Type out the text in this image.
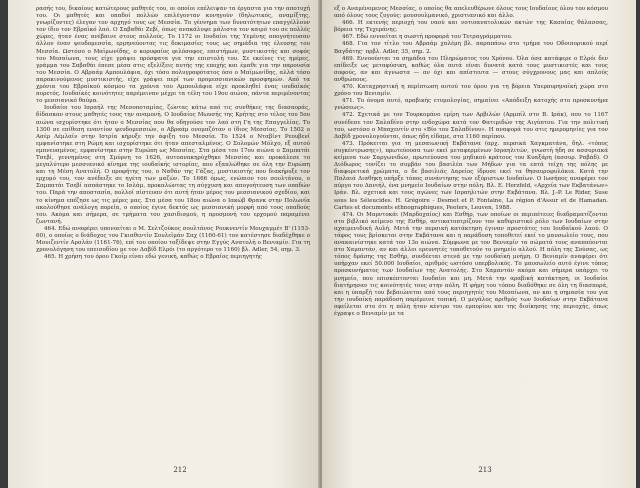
ρασής του, δικαίους κατώτερους μαθητές του, οι οποίοι επέλειψαν τα έργαστα για την αποτυχή του. Οι μαθητές και οπαδοί πολλών επιλέγονταν κυνηγούν (δηλωτικός, αναμίξτης, γνωρίζοντες) έλεγαν τον αρχηγό τους ως Μεσσία. Το γέννημα των δυνατότητων επαγγέλλουν τον ίδιο τον Εβραϊκό λαό. Ο Σαβαθάι Ζεβί, όπως ανακάλυψε μάλιστα τον καιρό του σε πολλές χώρες, ήταν ένας ανέβαινε στους πολλούς. Το 1172 οι Ιουδαίοι της Υεμένης απογοήτευσαν άλλον έναν ψευδομεσσία, ερμηνεύοντας τις δοκιμασίες τους ως σημάδια της έλευσης του Μεσσία. Ωστόσο ο Μαϊμωνίδης, ο κορυφαίος φιλόσοφος, επιστήμων, μυστικιστής και σοφός του Μεσαίωνα, τους είχε γράψει πρόσφατα για την επιστολή του. Σε εκείνες τις ημέρες, γράμμα του Σαβαθάι έπεσε μέσα στις εξελίξεις αυτής της εποχής και έμαθε για την παρουσία του Μεσσία. Ο Αβραάμ Αμπουλάφια, όχι τόσο πολυγραφότατος όσο ο Μαϊμωνίδης, αλλά τόσο παρακινούμενος μυστικιστής, είχε γράψει περί των προμεσσιανικών προσφημών. Από τα χρόνια του Εβραϊκού κόσμου τα χρόνια του Αμπουλάφια είχε προκληθεί ένας ιουδαϊκός πυρετός. Ιουδαϊκές κοινότητες παρέμειναν μέχρι τα τέλη του 19ου αιώνα, πάντα περιμένοντας το μεσσιανικό θαύμα.

Ιουδαίοι του Ισραήλ της Μεσοποταμίας, ζώντας κάτω από τις συνθήκες της διασποράς, δίδασκαν στους μαθητές τους την αναμονή. Ο Ιουδαίος Μωυσής της Κρήτης στο τέλος του 5ου αιώνα ισχυρίστηκε ότι ήταν ο Μεσσίας που θα οδηγούσε τον λαό στη Γη της Επαγγελίας. Το 1300 σε επίθεση εναντίον ψευδομεσσιών, ο Αβραάμ ονομαζόταν ο ίδιος Μεσσίας. Το 1502 ο Ασέρ Λέμλαϊν στην Ιστρία κήρυξε την άφιξη του Μεσσία. Το 1524 ο Νταβίντ Ρεουβενί εμφανίστηκε στη Ρώμη και ισχυρίστηκε ότι ήταν απεσταλμένος. Ο Σολομών Μόλχο, εξ αυτού εμπνευσμένος, εμφανίστηκε στην Ευρώπη ως Μεσσίας. Στα μέσα του 17ου αιώνα ο Σαμπατάι Τσεβί, γεννημένος στη Σμύρνη το 1626, αυτοανακηρύχθηκε Μεσσίας και προκάλεσε το μεγαλύτερο μεσσιανικό κίνημα της ιουδαϊκής ιστορίας, που εξαπλώθηκε σε όλη την Ευρώπη και τη Μέση Ανατολή. Ο προφήτης του, ο Ναθάν της Γάζας, μυστικιστής που διακήρυξε τον ερχομό του, τον ανέδειξε σε ηγέτη των μαζών. Το 1666 όμως, ενώπιον του σουλτάνου, ο Σαμπατάι Τσεβί ασπάστηκε το Ισλάμ, προκαλώντας τη σύγχυση και απογοήτευση των οπαδών του. Παρά την αποστασία, πολλοί πίστευαν ότι αυτή ήταν μέρος του μεσσιανικού σχεδίου, και το κίνημα επέζησε ως τις μέρες μας. Στα μέσα του 18ου αιώνα ο Ιακώβ Φρανκ στην Πολωνία ακολούθησε ανάλογη πορεία, ο οποίος έγινε δεκτός ως μεσσιανική μορφή από τους οπαδούς του. Ακόμα και σήμερα, σε τμήματα του χασιδισμού, η προσμονή του ερχομού παραμένει ζωντανή.

464. Εδώ αναφέρει υπονοείται ο Μ. Σελτζούκος σουλτάνος Ρουκνεντίν Μουχαμμέτ Β' (1153-60), ο οποίος ο διάδοχος του Γκιαθεντίν Σουλεϊμάν Σαχ (1160-61) τον κατέστησε διαδέχθηκε ο Μουιζεντίν Αρσλάν (1161-76), επί του οποίου ταξίδεψε στην Εγγύς Ανατολή ο Βενιαμίν. Για τη χρονολόγηση του επεισοδίου με τον Δαβίδ Ελρόι (το αργότερο το 1160) βλ. Adler, 54, σημ. 3.

465. Η χρήση του όρου Γκοΐμ είναι εδώ γενική, καθώς ο Εβραίος περιηγητής

212

εξ ο Αναμένομενος Μεσσίας, ο οποίος θα απελευθέρωνε όλους τους Ιουδαίους όλου του κόσμου από όλους τους ζυγούς: μουσουλμανικό, χριστιανικό και άλλο.

466. Η εκτενής περιοχή του ναού και νοτιοανατολικών ακτών της Κασπίας θάλασσας, βόρεια της Τεχεράνης.

467. Εδώ εννοείται η σωστή προφορά του Τετραγράμματου.

468. Για τον τίτλο του Αβραάμ χαλέμη βλ. παραπάνω στο τμήμα του Οδοιπορικού περί Βαγδάτης· πρβλ. Adler, 35, σημ. 2.

469. Εννοούνται τα σημάδια του Πληρώματος του Χρόνου. Όλα όσα κατάφερε ο Ελρόι δεν επίδειξε ως μεταφύσικη, καθώς όλα αυτά είναι δυνατά κατά τους μυστικιστές και τους σοφούς, αν και άγνωστα — αν όχι και απίστευτα — στους σύγχρονους μας και απλούς ανθρώπους.

470. Καταχρηστική η περίπτωση αυτού του όρου για τη βόρεια Υπερπυρηναϊκή χώρα στο χρόνο του Βενιαμίν.

471. Το όνομα αυτό, αραβικής ετυμολογίας, σημαίνει «Απόδειξη κατοχής στο προσκυνήμα γνώσεως».

472. Σχετικά με τον Τουρκομάνο εμίρη των Αρβιλών (Αρμπίλ στο Β. Ιράκ), που το 1167 συνέδεσε τον Σαλαδίνο στην ενδοχώρα κατά τον Φατιμιδών της Αιγύπτου. Για την πολιτική του, ωστόσο ο Μπαχεντίν στο «Βίο του Σαλαδίνου». Η αναφορά του στις ημερομηνίες για τον Δαβίδ χρονολογούνται, όπως ήδη είδαμε, στα 1160 περίπου.

473. Πρόκειται για τη μεσαιωνική Εκβάτανα (αρχ. περσικά Χαγκματάνα, δηλ. «τόπος συγκέντρωσης»), πρωτεύουσα των εκεί μεταφερμένων Ισραηλιτών, γνωστή ήδη σε ασσυριακά κείμενα των Σαργωνιδών, πρωτεύουσα του μηδικού κράτους του Κυαξάρη (ασσυρ. Ραβάδ). Ο Διόδωρος τονίζει το συμβάν του βασιλέα των Μήδων για τα επτά τείχη της πόλης με διαφορετικά χρώματα, ο δε βασιλιάς Δαρείος ίδρυσε εκεί τα θησαυροφυλάκια. Κατά την Παλαιά Διαθήκη υπήρξε τόπος συνάντησης των εξόριστων Ιουδαίων. Ο Ιωσήπος αναφέρει τον πύργο του Δανιήλ, ένα μνημείο Ιουδαίων στην πόλη. Βλ. Ε. Herzfeld, «Αρχεία των Εκβατάνων» Ιράν. Βλ. σχετικά και τους αγώνες των Ισραηλιτών στην Εκβάτανα. Βλ. J.-P. Le Rider, Suse sous les Séleucides. Η. Grégoire - Desmet et P. Fontaine, La région d'Assur et de Hamadan. Cartes et documents ethnographiques, Peeters, Leuven, 1988.

474. Οι Μαρντοκάι (Μαρδοχαίος) και Εσθήρ, των οποίων οι περιπέτειες διαδραματίζονται στο βιβλικό κείμενο της Εσθήρ, αντικατοπτρίζουν τον καθοριστικό ρόλο των Ιουδαίων στην αχαιμενιδική Αυλή. Μετά την περσική κατάκτηση έγιναν προστάτες του Ιουδαϊκού λαού. Ο τάφος τους βρίσκεται στην Εκβάτανα και η παράδοση τοποθετεί εκεί το μαυσωλείο τους, που ανακαινίστηκε κατά τον 13ο αιώνα. Σύμφωνα με τον Βενιαμίν τα σώματά τους αναπαύονται στο Χαμαντάν, αν και άλλοι ερευνητές τοποθετούν το μνημείο αλλού. Η πόλη της Σούσας, ως τόπος δράσης της Εσθήρ, συνδέεται στενά με την ιουδαϊκή μνήμη. Ο Βενιαμίν αναφέρει ότι υπήρχαν εκεί 50.000 Ιουδαίοι, αριθμός ωστόσο υπερβολικός. Το μαυσωλείο αυτό έγινε τόπος προσκυνήματος των Ιουδαίων της Ανατολής. Στο Χαμαντάν ακόμα και σήμερα υπάρχει το μνημείο, που επισκέπτονται Ιουδαίοι και μη. Μετά την αραβική κατάκτηση, οι Ιουδαίοι διατήρησαν τις κοινότητές τους στην πόλη. Η φήμη του τόπου διαδόθηκε σε όλη τη διασπορά, και η ύπαρξή του βεβαιώνεται από τους περιηγητές του Μεσαίωνα, αν και η σημασία του για την ιουδαϊκή παράδοση παρέμεινε τοπική. Ο μεγάλος αριθμός των Ιουδαίων στην Εκβάτανα οφείλεται στο ότι η πόλη ήταν κέντρο του εμπορίου και της διοίκησης της περιοχής, όπως έγραψε ο Βενιαμίν με τα

213
